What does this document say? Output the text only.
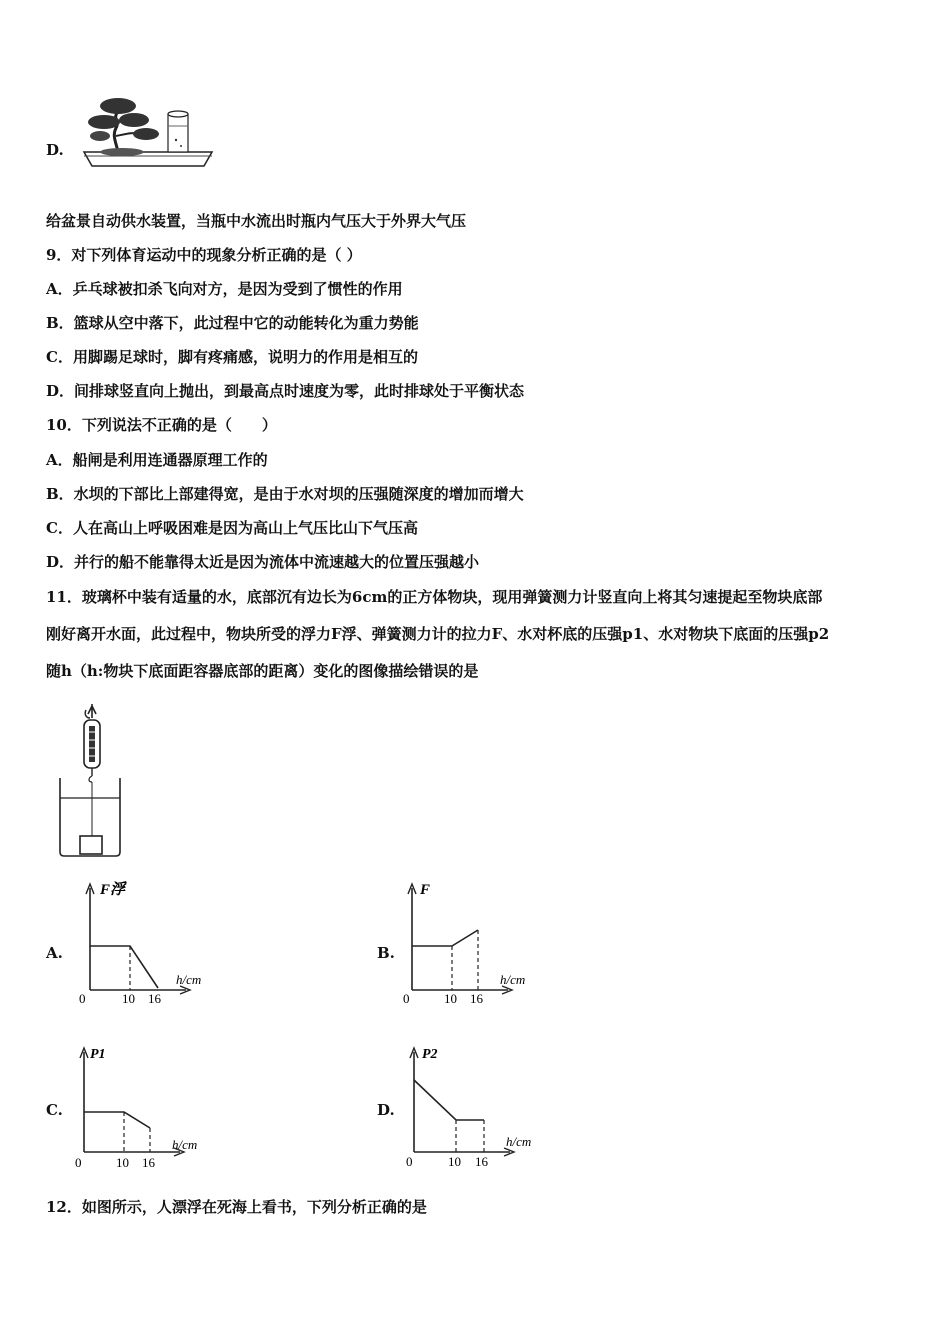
D.
给盆景自动供水装置，当瓶中水流出时瓶内气压大于外界大气压
9．对下列体育运动中的现象分析正确的是（ ）
A．乒乓球被扣杀飞向对方，是因为受到了惯性的作用
B．篮球从空中落下，此过程中它的动能转化为重力势能
C．用脚踢足球时，脚有疼痛感，说明力的作用是相互的
D．间排球竖直向上抛出，到最高点时速度为零，此时排球处于平衡状态
10．下列说法不正确的是（　　）
A．船闸是利用连通器原理工作的
B．水坝的下部比上部建得宽，是由于水对坝的压强随深度的增加而增大
C．人在高山上呼吸困难是因为高山上气压比山下气压高
D．并行的船不能靠得太近是因为流体中流速越大的位置压强越小
11．玻璃杯中装有适量的水，底部沉有边长为6cm的正方体物块，现用弹簧测力计竖直向上将其匀速提起至物块底部
刚好离开水面，此过程中，物块所受的浮力F浮、弹簧测力计的拉力F、水对杯底的压强p1、水对物块下底面的压强p2
随h（h:物块下底面距容器底部的距离）变化的图像描绘错误的是
A.
F浮
h/cm
0	10 16
B.
F
h/cm
0	10 16
C.
P1
h/cm
0	10 16
D.
P2
h/cm
0	10 16
12．如图所示，人漂浮在死海上看书，下列分析正确的是
